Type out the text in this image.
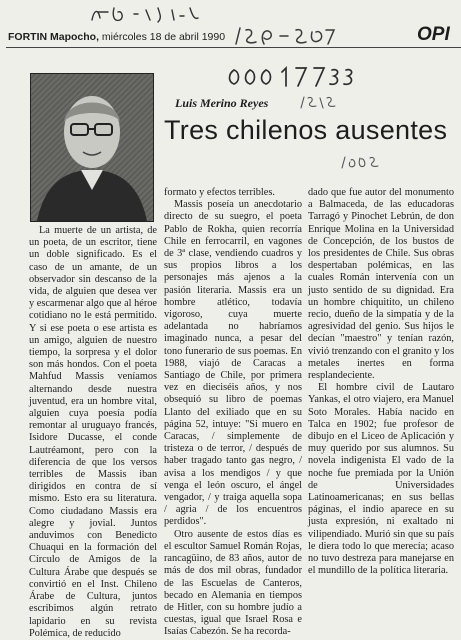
FORTIN Mapocho, miércoles 18 de abril 1990	OPI
Luis Merino Reyes
Tres chilenos ausentes

La muerte de un artista, de un poeta, de un escritor, tiene un doble significado. Es el caso de un amante, de un observador sin descanso de la vida, de alguien que desea ver y escarmenar algo que al héroe cotidiano no le está permitido. Y si ese poeta o ese artista es un amigo, alguien de nuestro tiempo, la sorpresa y el dolor son más hondos. Con el poeta Mahfud Massis veníamos alternando desde nuestra juventud, era un hombre vital, alguien cuya poesía podía remontar al uruguayo francés, Isidore Ducasse, el conde Lautréamont, pero con la diferencia de que los versos terribles de Massis iban dirigidos en contra de sí mismo. Esto era su literatura. Como ciudadano Massis era alegre y jovial. Juntos anduvimos con Benedicto Chuaqui en la formación del Círculo de Amigos de la Cultura Árabe que después se convirtió en el Inst. Chileno Árabe de Cultura, juntos escribimos algún retrato lapidario en su revista Polémica, de reducido

formato y efectos terribles.

Massis poseía un anecdotario directo de su suegro, el poeta Pablo de Rokha, quien recorría Chile en ferrocarril, en vagones de 3ª clase, vendiendo cuadros y sus propios libros a los personajes más ajenos a la pasión literaria. Massis era un hombre atlético, todavía vigoroso, cuya muerte adelantada no habríamos imaginado nunca, a pesar del tono funerario de sus poemas. En 1988, viajó de Caracas a Santiago de Chile, por primera vez en dieciséis años, y nos obsequió su libro de poemas Llanto del exiliado que en su página 52, intuye: "Si muero en Caracas, / simplemente de tristeza o de terror, / después de haber tragado tanto gas negro, / avisa a los mendigos / y que venga el león oscuro, el ángel vengador, / y traiga aquella sopa / agria / de los encuentros perdidos".

Otro ausente de estos días es el escultor Samuel Román Rojas, rancagüino, de 83 años, autor de más de dos mil obras, fundador de las Escuelas de Canteros, becado en Alemania en tiempos de Hitler, con su hombre judío a cuestas, igual que Israel Rosa e Isaías Cabezón. Se ha recorda-

dado que fue autor del monumento a Balmaceda, de las educadoras Tarragó y Pinochet Lebrún, de don Enrique Molina en la Universidad de Concepción, de los bustos de los presidentes de Chile. Sus obras despertaban polémicas, en las cuales Román intervenía con un justo sentido de su dignidad. Era un hombre chiquitito, un chileno recio, dueño de la simpatía y de la agresividad del genio. Sus hijos le decían "maestro" y tenían razón, vivió trenzando con el granito y los metales inertes en forma resplandeciente.

El hombre civil de Lautaro Yankas, el otro viajero, era Manuel Soto Morales. Había nacido en Talca en 1902; fue profesor de dibujo en el Liceo de Aplicación y muy querido por sus alumnos. Su novela indigenista El vado de la noche fue premiada por la Unión de Universidades Latinoamericanas; en sus bellas páginas, el indio aparece en su justa expresión, ni exaltado ni vilipendiado. Murió sin que su país le diera todo lo que merecía; acaso no tuvo destreza para manejarse en el mundillo de la política literaria.
